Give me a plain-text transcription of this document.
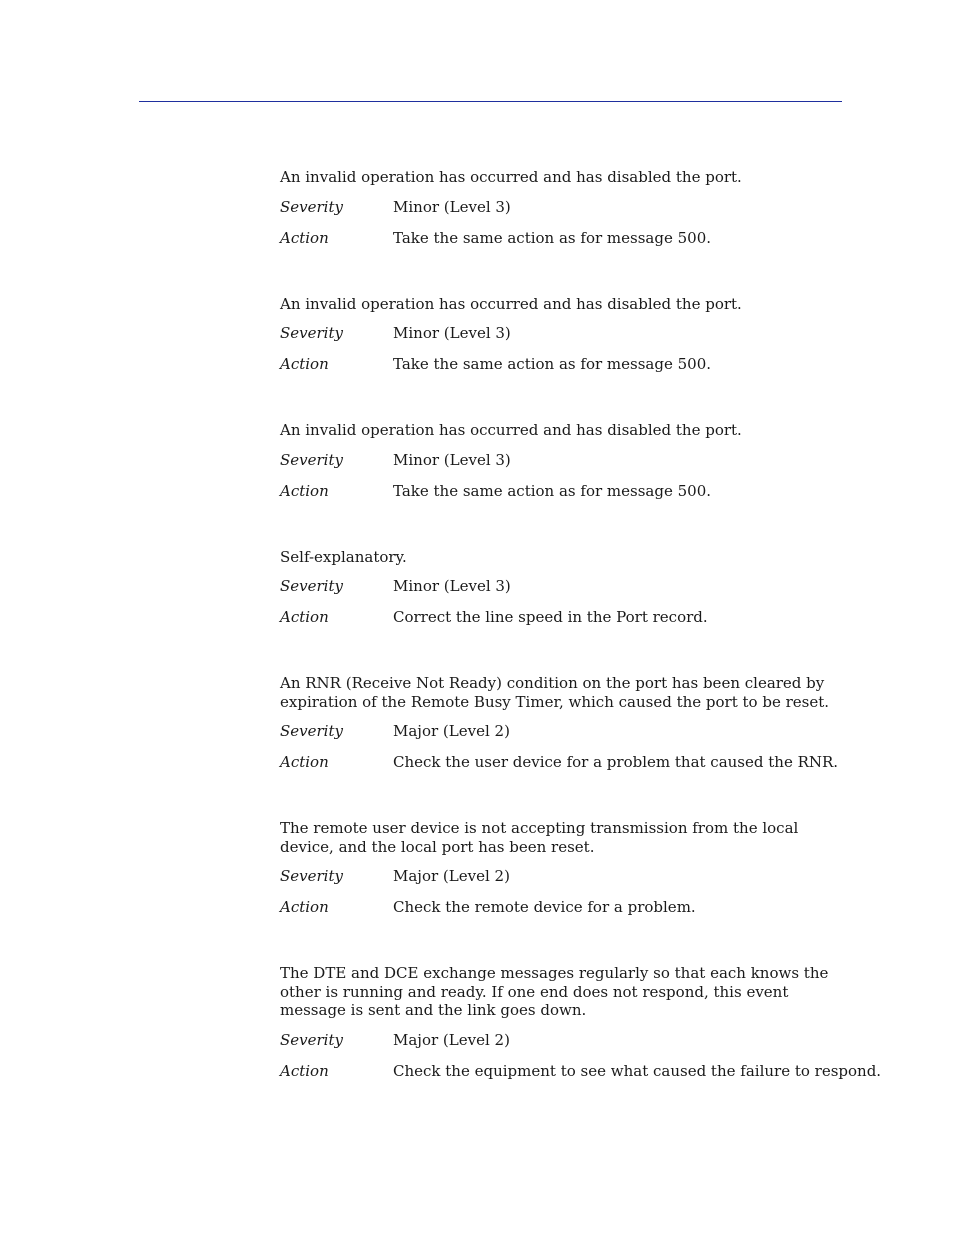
An invalid operation has occurred and has disabled the port.

Severity	Minor (Level 3)
Action	Take the same action as for message 500.

An invalid operation has occurred and has disabled the port.

Severity	Minor (Level 3)
Action	Take the same action as for message 500.

An invalid operation has occurred and has disabled the port.

Severity	Minor (Level 3)
Action	Take the same action as for message 500.

Self-explanatory.

Severity	Minor (Level 3)
Action	Correct the line speed in the Port record.

An RNR (Receive Not Ready) condition on the port has been cleared by expiration of the Remote Busy Timer, which caused the port to be reset.

Severity	Major (Level 2)
Action	Check the user device for a problem that caused the RNR.

The remote user device is not accepting transmission from the local device, and the local port has been reset.

Severity	Major (Level 2)
Action	Check the remote device for a problem.

The DTE and DCE exchange messages regularly so that each knows the other is running and ready. If one end does not respond, this event message is sent and the link goes down.

Severity	Major (Level 2)
Action	Check the equipment to see what caused the failure to respond.
